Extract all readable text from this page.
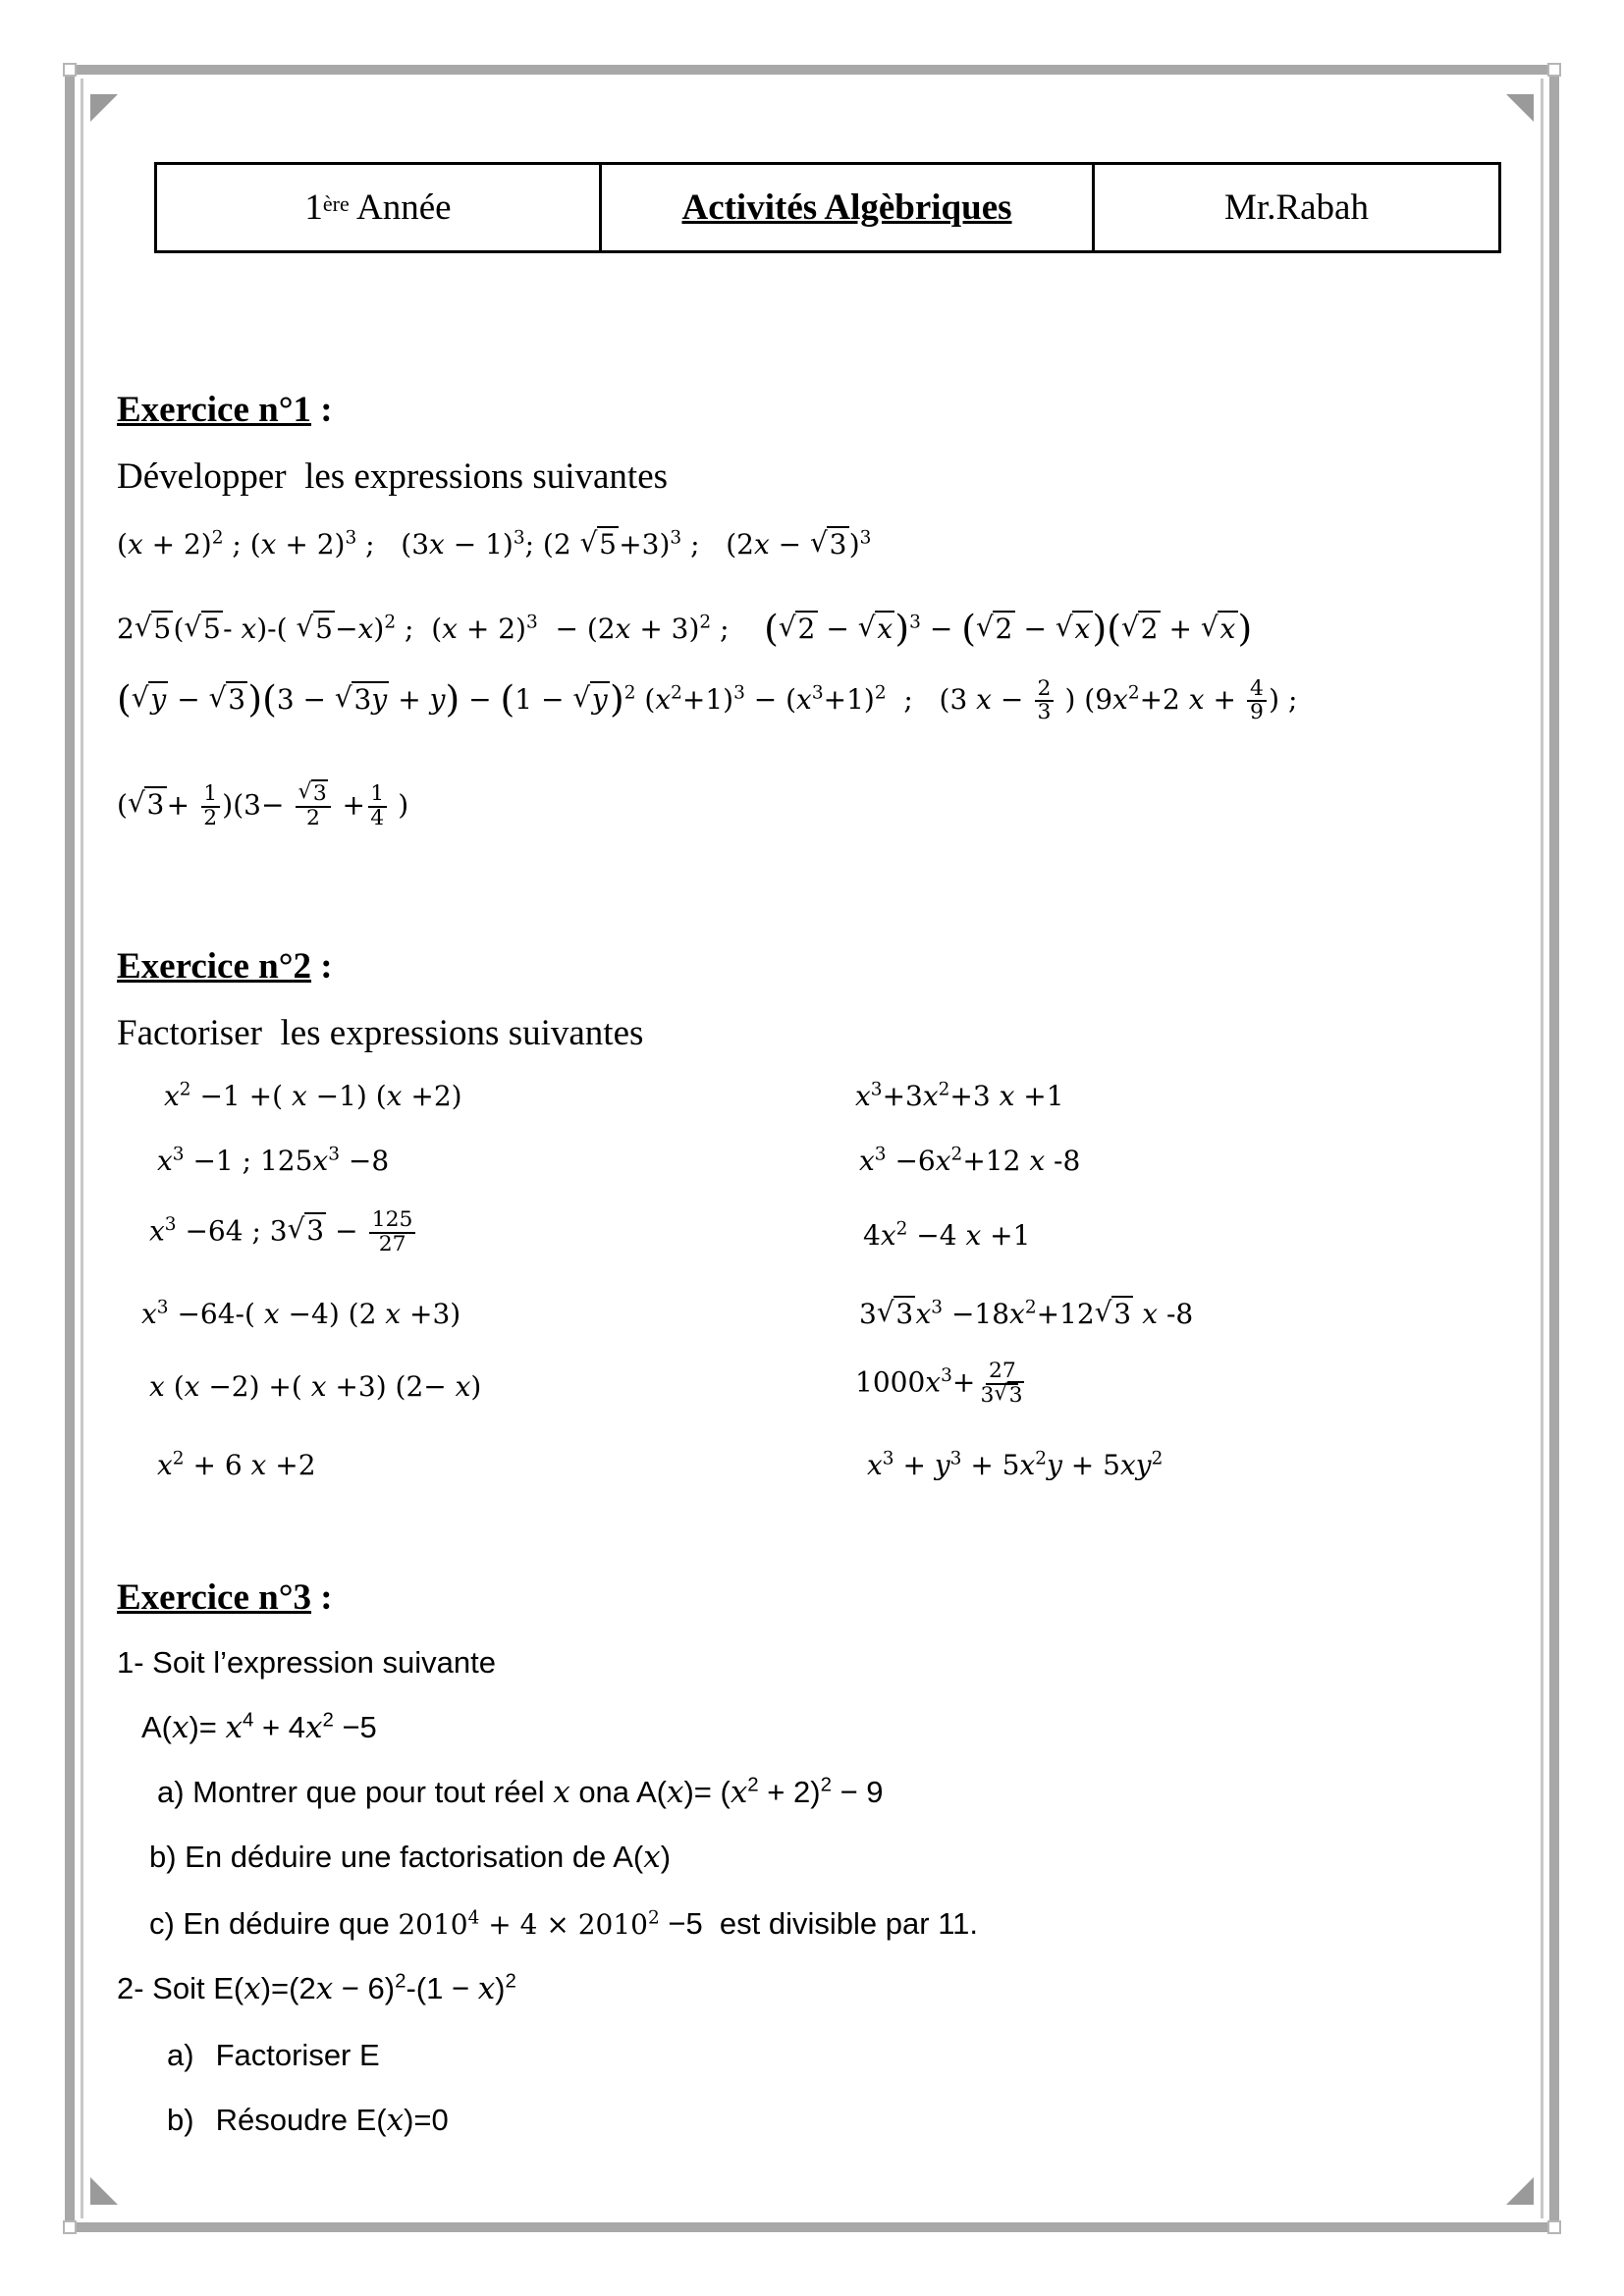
1ère Année	Activités Algèbriques	Mr.Rabah
Exercice n°1 :
Développer  les expressions suivantes
$(x + 2)^2$ ; $(x + 2)^3$ ;   $(3x - 1)^3$; (2 √ 5+3)$^3$ ;   (2x − √ 3)$^3$
2 √ 5( √ 5- x)-( √ 5−x)$^2$ ;  $(x + 2)^3 - (2x + 3)^2$ ;    ( √ 2 − √ x)$^3$ − ( √ 2 − √ x)( √ 2 + √ x)
( √ y − √ 3)(3 − √ 3y + y) − (1 − √ y)$^2$ $(x^2+1)^3 - (x^3+1)^2$  ;   (3 $x - \frac{2}{3}$ ) ($9x^2+2$ $x + \frac{4}{9}$ ) ;
( √ $3+ \frac{1}{2} )(3-$ √ $\frac{3}{2} + \frac{1}{4}$ )
Exercice n°2 :
Factoriser  les expressions suivantes
$x^2 -1$ +( x −1) (x +2)
$x^3 -1$ ; $125x^3 -8$
$x^3 -64$ ; 3 √ $3 - \frac{125}{27}$
$x^3 -64-$( x −4) (2 x +3)
x (x −2) +( x +3) (2− x)
$x^2 + 6$ x +2
$x^3+3x^2+3$ x +1
$x^3 -6x^2+12$ x -8
$4x^2 -4$ x +1
3 √ $3x^3 -18x^2+12$ √ 3 x -8
$1000x^3+ \frac{27}{3 √ 3}$
$x^3 + y^3 + 5x^2y + 5xy^2$
Exercice n°3 :
1- Soit l’expression suivante
$A(x)= x^4 + 4x^2 -5$
a) Montrer que pour tout réel x ona $A(x)= (x^2 + 2)^2 - 9$
b) En déduire une factorisation de A(x)
c) En déduire que $2010^4 + 4 \times 2010^2 -5$  est divisible par 11.
2- Soit $E(x)=(2x - 6)^2-(1 - x)^2$
a) Factoriser E
b) Résoudre E(x)=0
